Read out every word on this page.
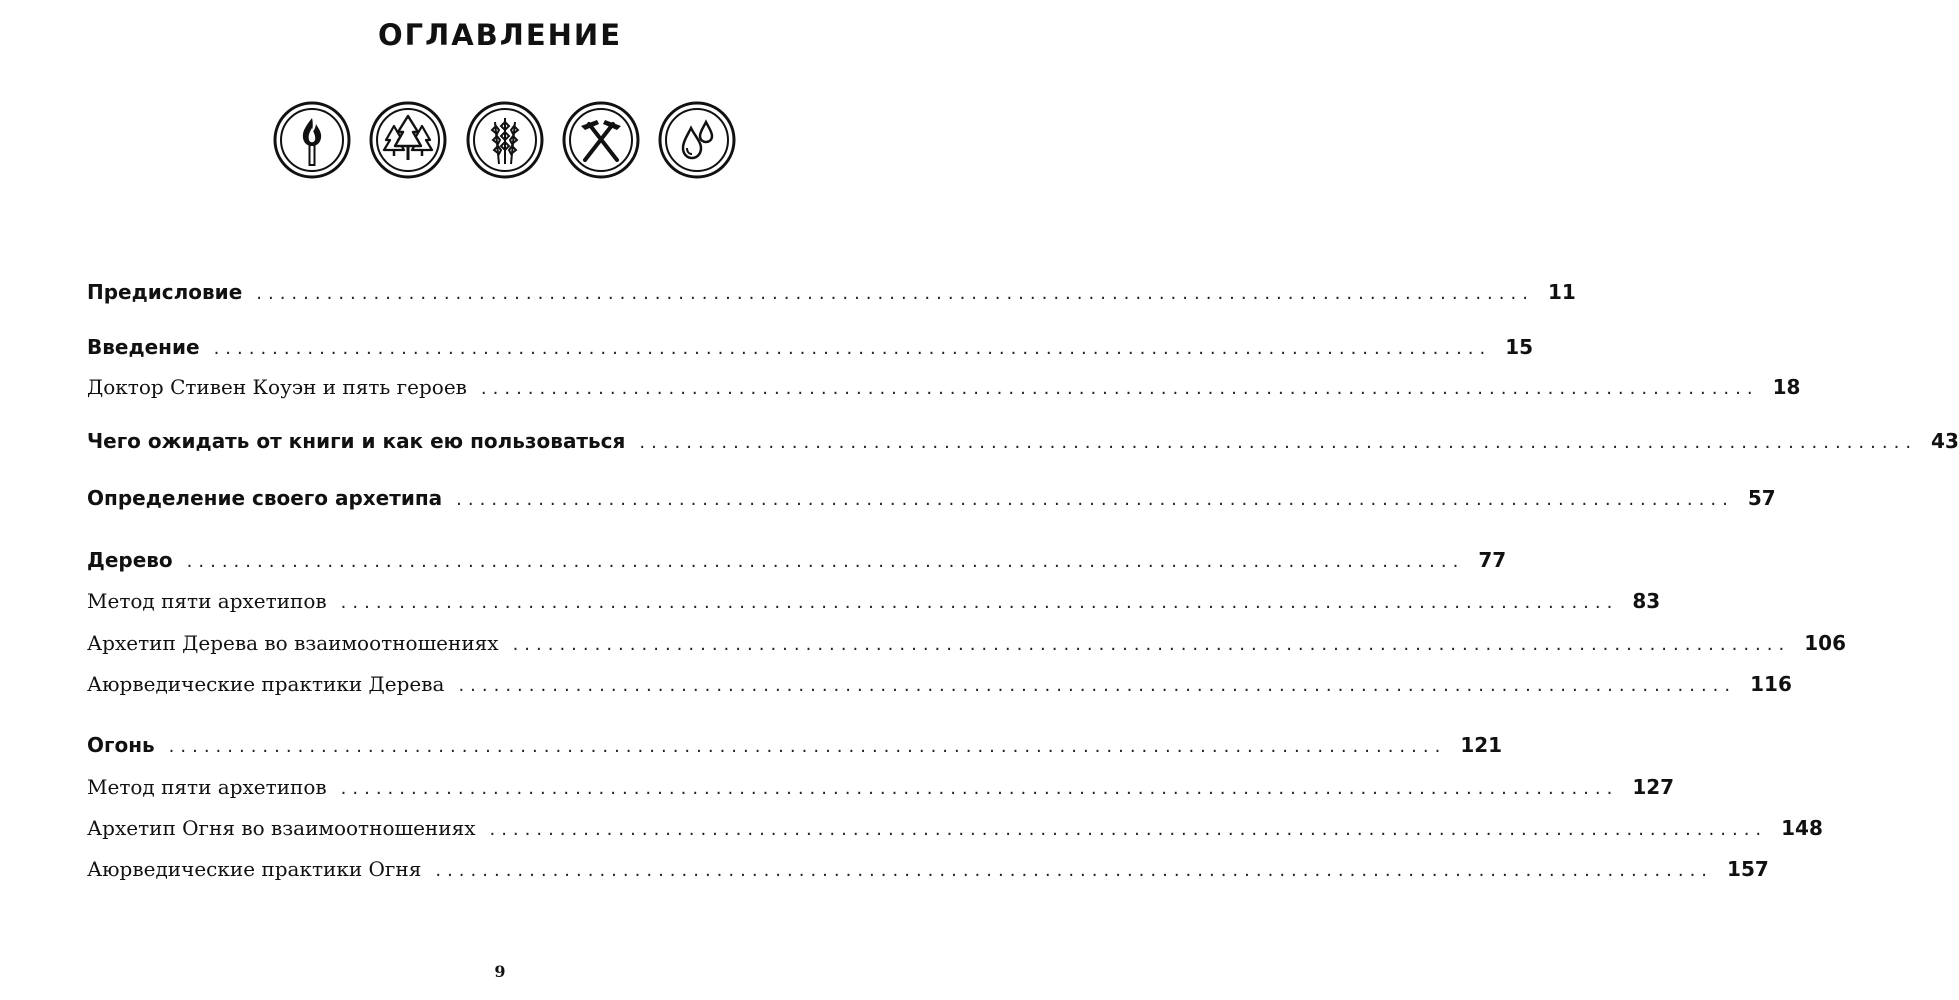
ОГЛАВЛЕНИЕ
Предисловие ............................................................................................................. 11
Введение ............................................................................................................. 15
Доктор Стивен Коуэн и пять героев ............................................................................................................. 18
Чего ожидать от книги и как ею пользоваться ............................................................................................................. 43
Определение своего архетипа ............................................................................................................. 57
Дерево ............................................................................................................. 77
Метод пяти архетипов ............................................................................................................. 83
Архетип Дерева во взаимоотношениях ............................................................................................................. 106
Аюрведические практики Дерева ............................................................................................................. 116
Огонь ............................................................................................................. 121
Метод пяти архетипов ............................................................................................................. 127
Архетип Огня во взаимоотношениях ............................................................................................................. 148
Аюрведические практики Огня ............................................................................................................. 157
9
